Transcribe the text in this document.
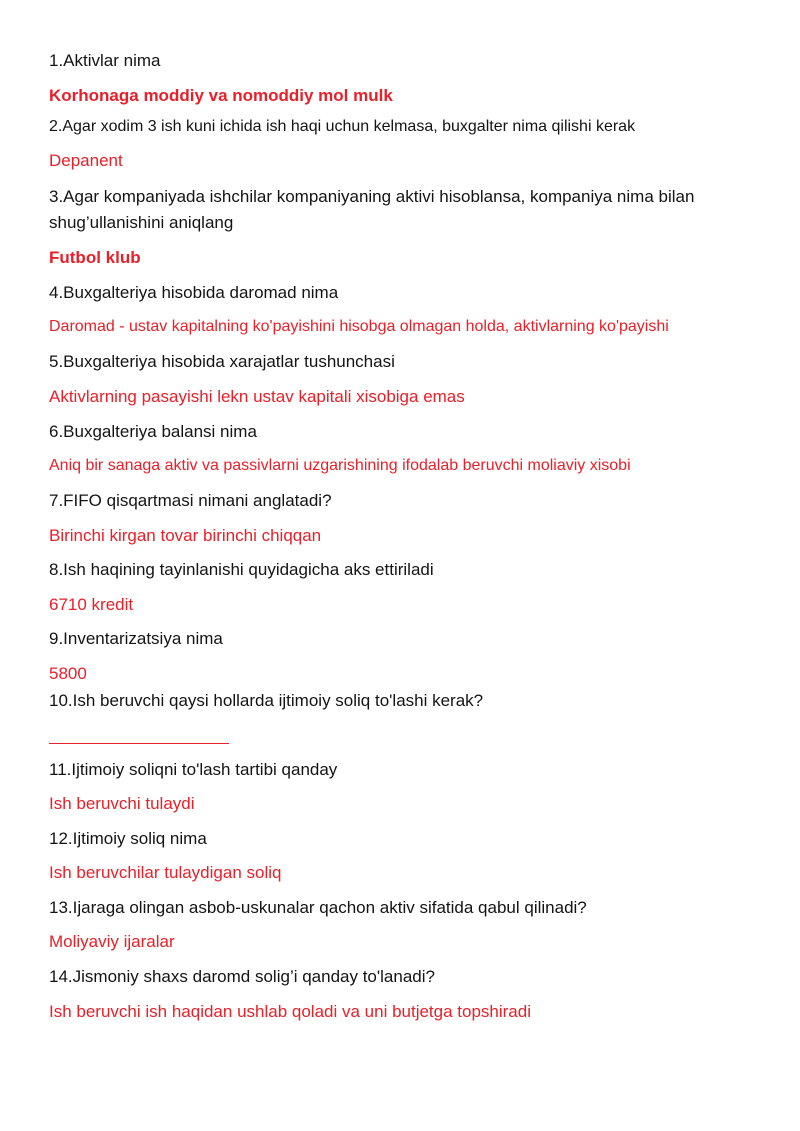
1.Aktivlar nima

Korhonaga moddiy va nomoddiy mol mulk

2.Agar xodim 3 ish kuni ichida ish haqi uchun kelmasa, buxgalter nima qilishi kerak

Depanent

3.Agar kompaniyada ishchilar kompaniyaning aktivi hisoblansa, kompaniya nima bilan shug’ullanishini aniqlang

Futbol klub

4.Buxgalteriya hisobida daromad nima

Daromad - ustav kapitalning ko'payishini hisobga olmagan holda, aktivlarning ko'payishi

5.Buxgalteriya hisobida xarajatlar tushunchasi

Aktivlarning pasayishi lekn ustav kapitali xisobiga emas

6.Buxgalteriya balansi nima

Aniq bir sanaga aktiv va passivlarni uzgarishining ifodalab beruvchi moliaviy xisobi

7.FIFO qisqartmasi nimani anglatadi?

Birinchi kirgan tovar birinchi chiqqan

8.Ish haqining tayinlanishi quyidagicha aks ettiriladi

6710 kredit

9.Inventarizatsiya nima

5800

10.Ish beruvchi qaysi hollarda ijtimoiy soliq to'lashi kerak?

11.Ijtimoiy soliqni to'lash tartibi qanday

Ish beruvchi tulaydi

12.Ijtimoiy soliq nima

Ish beruvchilar tulaydigan soliq

13.Ijaraga olingan asbob-uskunalar qachon aktiv sifatida qabul qilinadi?

Moliyaviy ijaralar

14.Jismoniy shaxs daromd solig’i qanday to'lanadi?

Ish beruvchi ish haqidan ushlab qoladi va uni butjetga topshiradi
